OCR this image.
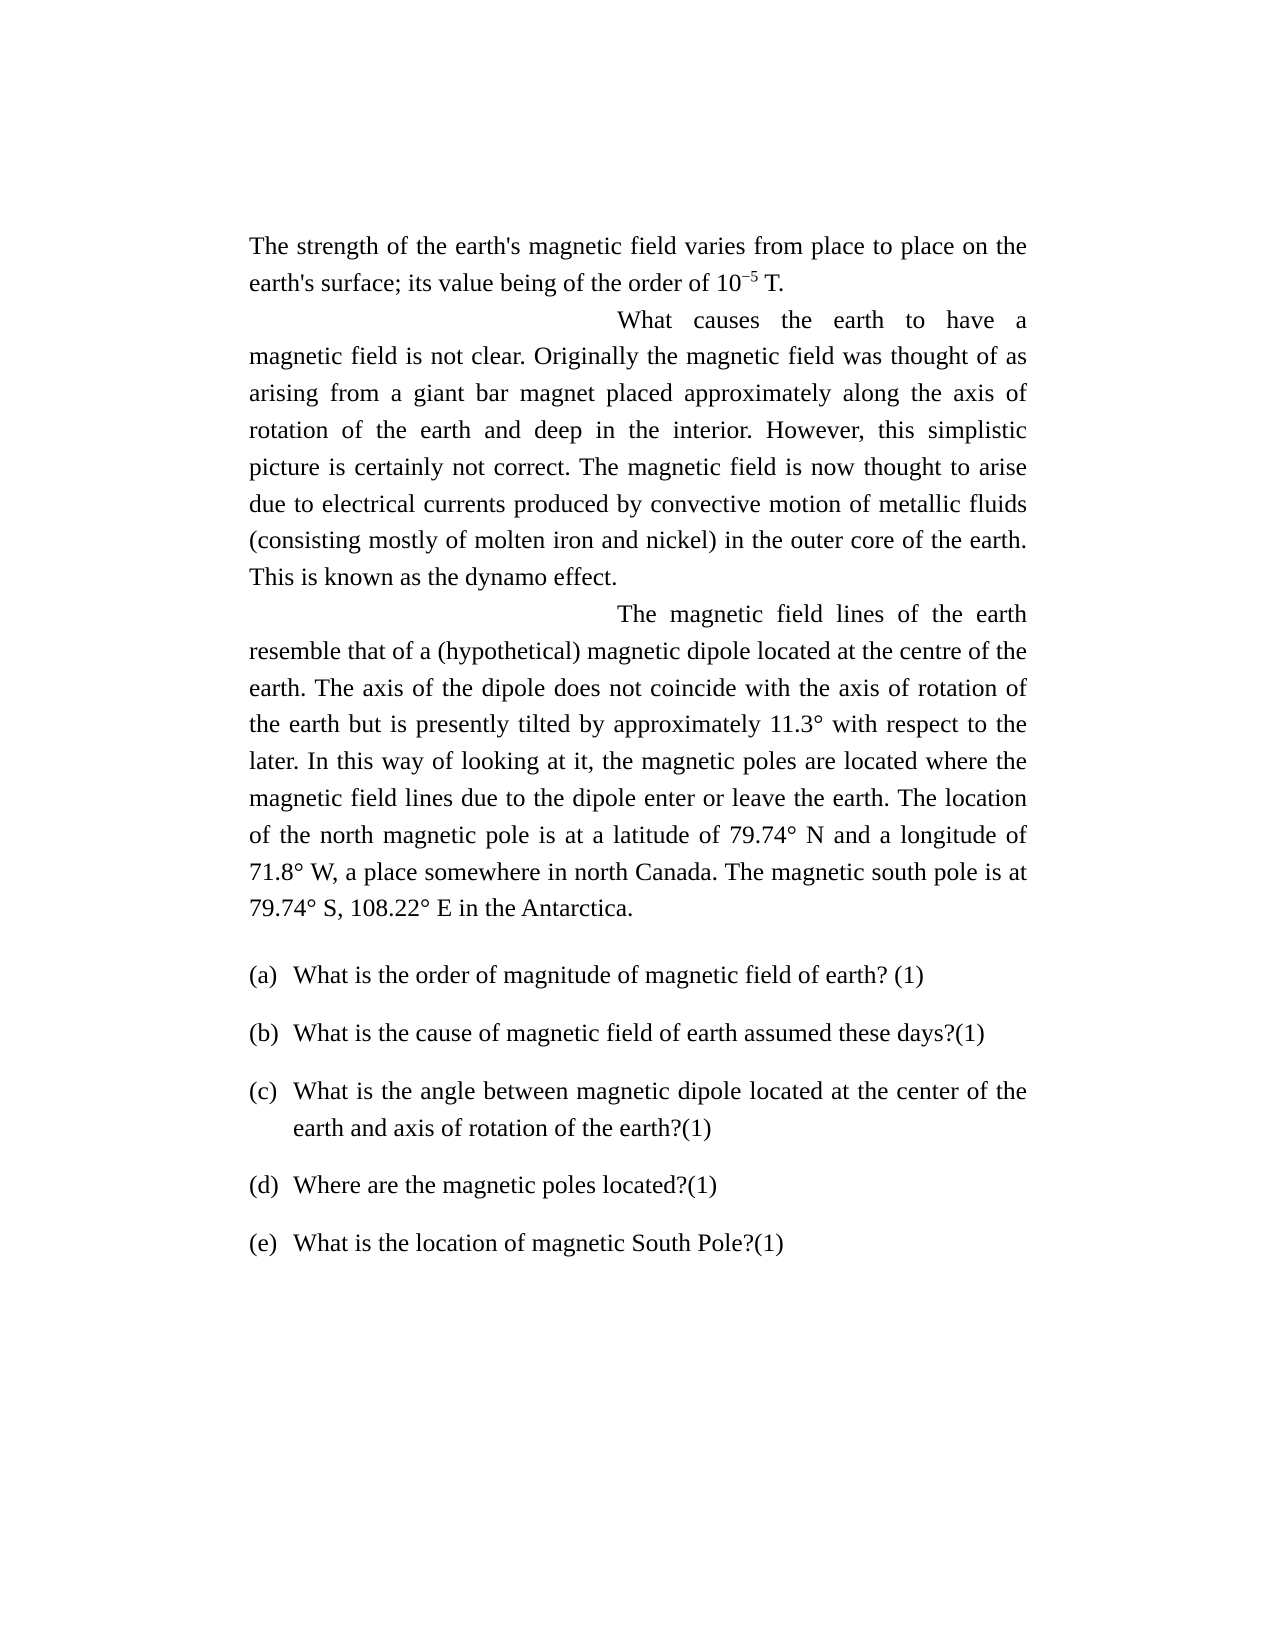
The strength of the earth's magnetic field varies from place to place on the earth's surface; its value being of the order of $10^{-5}$ T.

What causes the earth to have a magnetic field is not clear. Originally the magnetic field was thought of as arising from a giant bar magnet placed approximately along the axis of rotation of the earth and deep in the interior. However, this simplistic picture is certainly not correct. The magnetic field is now thought to arise due to electrical currents produced by convective motion of metallic fluids (consisting mostly of molten iron and nickel) in the outer core of the earth. This is known as the dynamo effect.

The magnetic field lines of the earth resemble that of a (hypothetical) magnetic dipole located at the centre of the earth. The axis of the dipole does not coincide with the axis of rotation of the earth but is presently tilted by approximately 11.3° with respect to the later. In this way of looking at it, the magnetic poles are located where the magnetic field lines due to the dipole enter or leave the earth. The location of the north magnetic pole is at a latitude of 79.74° N and a longitude of 71.8° W, a place somewhere in north Canada. The magnetic south pole is at 79.74° S, 108.22° E in the Antarctica.

(a) What is the order of magnitude of magnetic field of earth? (1)
(b) What is the cause of magnetic field of earth assumed these days?(1)
(c) What is the angle between magnetic dipole located at the center of the earth and axis of rotation of the earth?(1)
(d) Where are the magnetic poles located?(1)
(e) What is the location of magnetic South Pole?(1)
